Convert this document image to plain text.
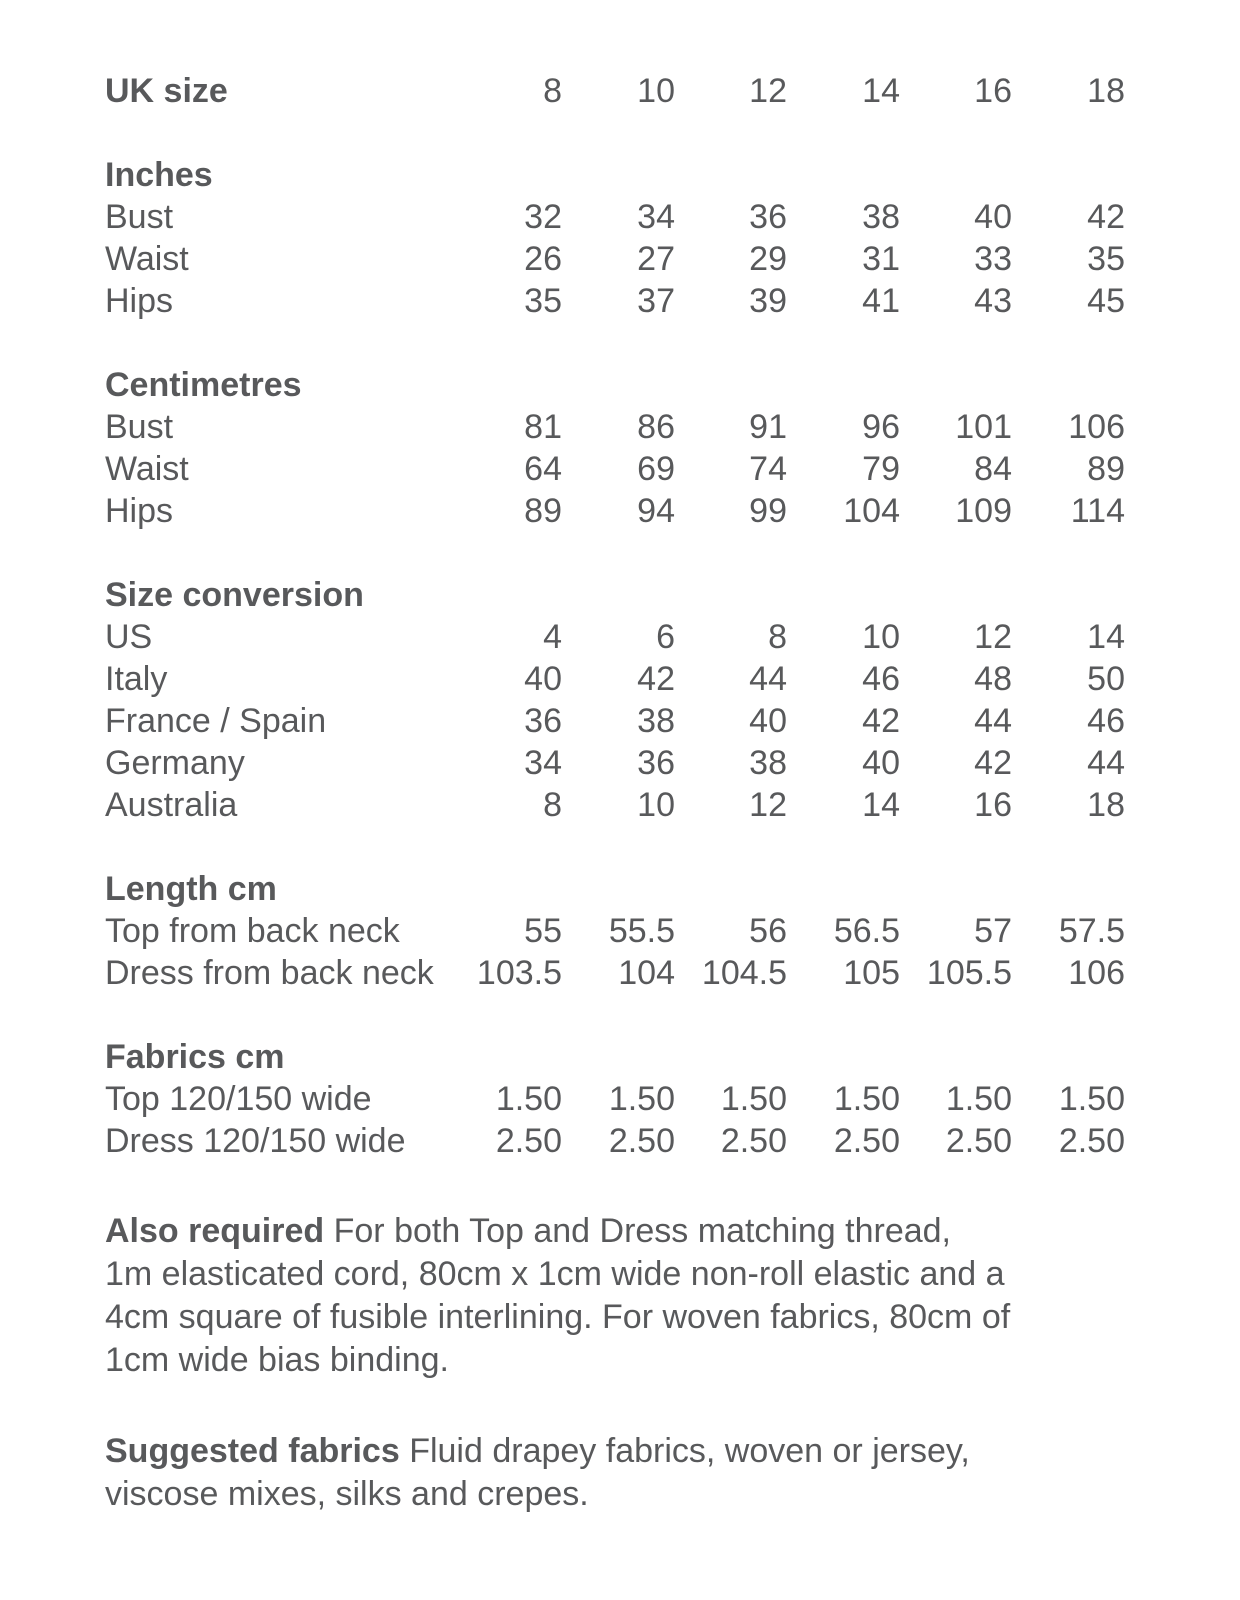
UK size	8	10	12	14	16	18
Inches						
Bust	32	34	36	38	40	42
Waist	26	27	29	31	33	35
Hips	35	37	39	41	43	45
Centimetres						
Bust	81	86	91	96	101	106
Waist	64	69	74	79	84	89
Hips	89	94	99	104	109	114
Size conversion						
US	4	6	8	10	12	14
Italy	40	42	44	46	48	50
France / Spain	36	38	40	42	44	46
Germany	34	36	38	40	42	44
Australia	8	10	12	14	16	18
Length cm						
Top from back neck	55	55.5	56	56.5	57	57.5
Dress from back neck	103.5	104	104.5	105	105.5	106
Fabrics cm						
Top 120/150 wide	1.50	1.50	1.50	1.50	1.50	1.50
Dress 120/150 wide	2.50	2.50	2.50	2.50	2.50	2.50

Also required For both Top and Dress matching thread,
1m elasticated cord, 80cm x 1cm wide non-roll elastic and a
4cm square of fusible interlining. For woven fabrics, 80cm of
1cm wide bias binding.

Suggested fabrics Fluid drapey fabrics, woven or jersey,
viscose mixes, silks and crepes.
